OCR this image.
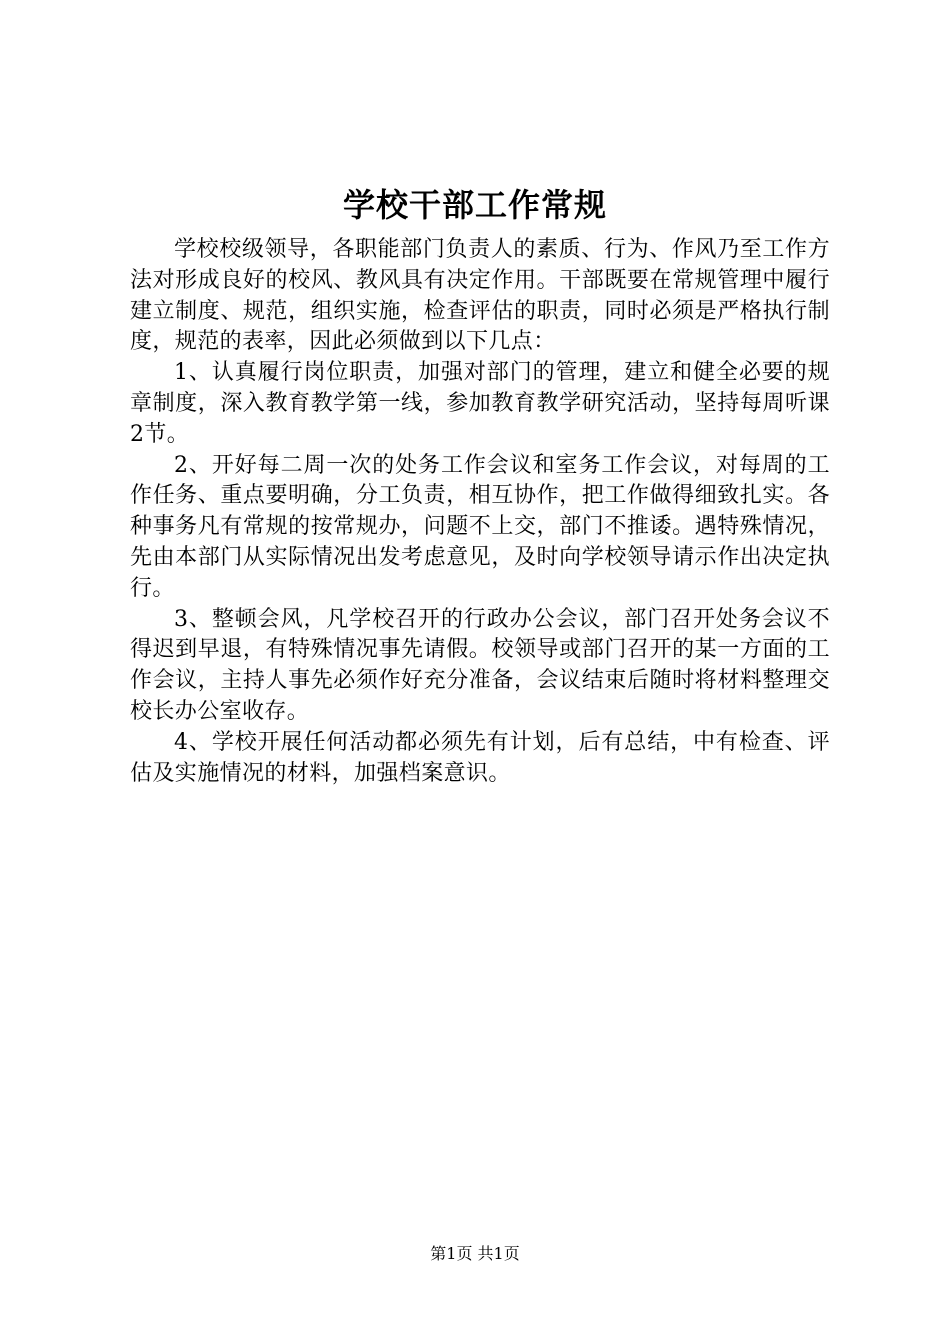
学校干部工作常规

学校校级领导，各职能部门负责人的素质、行为、作风乃至工作方法对形成良好的校风、教风具有决定作用。干部既要在常规管理中履行建立制度、规范，组织实施，检查评估的职责，同时必须是严格执行制度，规范的表率，因此必须做到以下几点：

1、认真履行岗位职责，加强对部门的管理，建立和健全必要的规章制度，深入教育教学第一线，参加教育教学研究活动，坚持每周听课2节。

2、开好每二周一次的处务工作会议和室务工作会议，对每周的工作任务、重点要明确，分工负责，相互协作，把工作做得细致扎实。各种事务凡有常规的按常规办，问题不上交，部门不推诿。遇特殊情况，先由本部门从实际情况出发考虑意见，及时向学校领导请示作出决定执行。

3、整顿会风，凡学校召开的行政办公会议，部门召开处务会议不得迟到早退，有特殊情况事先请假。校领导或部门召开的某一方面的工作会议，主持人事先必须作好充分准备，会议结束后随时将材料整理交校长办公室收存。

4、学校开展任何活动都必须先有计划，后有总结，中有检查、评估及实施情况的材料，加强档案意识。

第1页 共1页
